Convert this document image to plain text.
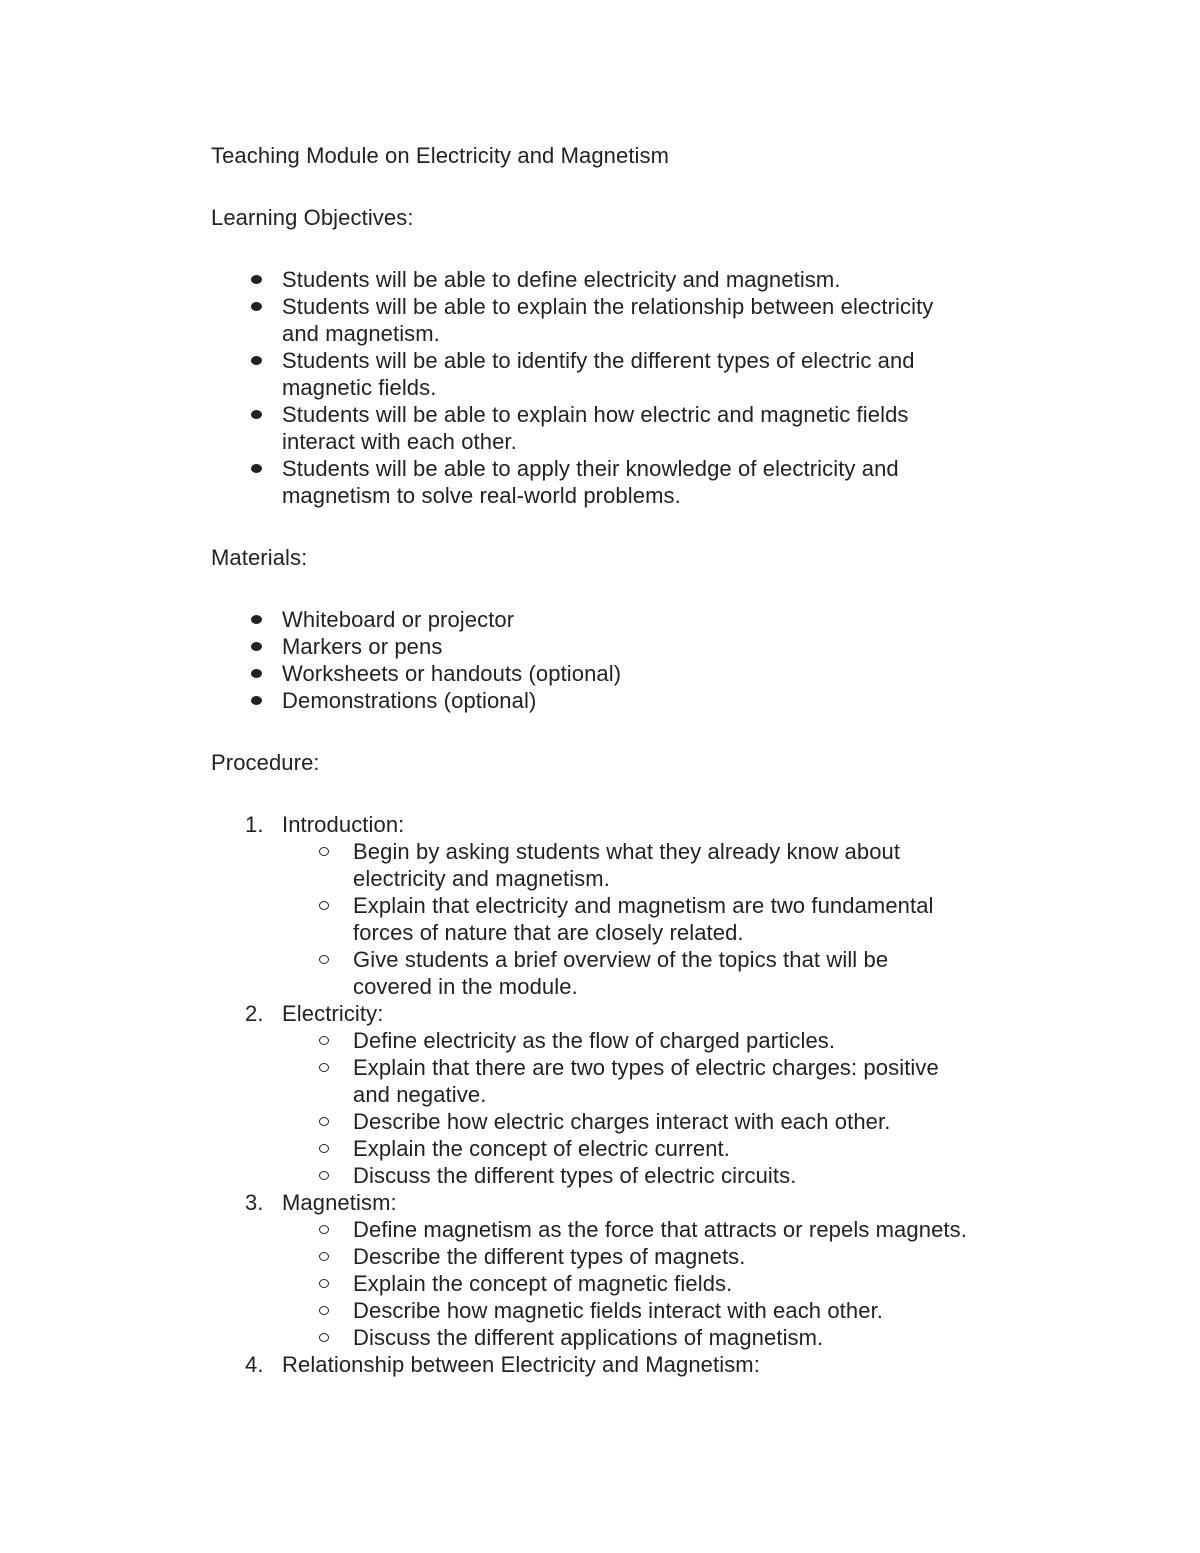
Teaching Module on Electricity and Magnetism
Learning Objectives:
Students will be able to define electricity and magnetism.
Students will be able to explain the relationship between electricity and magnetism.
Students will be able to identify the different types of electric and magnetic fields.
Students will be able to explain how electric and magnetic fields interact with each other.
Students will be able to apply their knowledge of electricity and magnetism to solve real-world problems.
Materials:
Whiteboard or projector
Markers or pens
Worksheets or handouts (optional)
Demonstrations (optional)
Procedure:
1. Introduction:
Begin by asking students what they already know about electricity and magnetism.
Explain that electricity and magnetism are two fundamental forces of nature that are closely related.
Give students a brief overview of the topics that will be covered in the module.
2. Electricity:
Define electricity as the flow of charged particles.
Explain that there are two types of electric charges: positive and negative.
Describe how electric charges interact with each other.
Explain the concept of electric current.
Discuss the different types of electric circuits.
3. Magnetism:
Define magnetism as the force that attracts or repels magnets.
Describe the different types of magnets.
Explain the concept of magnetic fields.
Describe how magnetic fields interact with each other.
Discuss the different applications of magnetism.
4. Relationship between Electricity and Magnetism:
